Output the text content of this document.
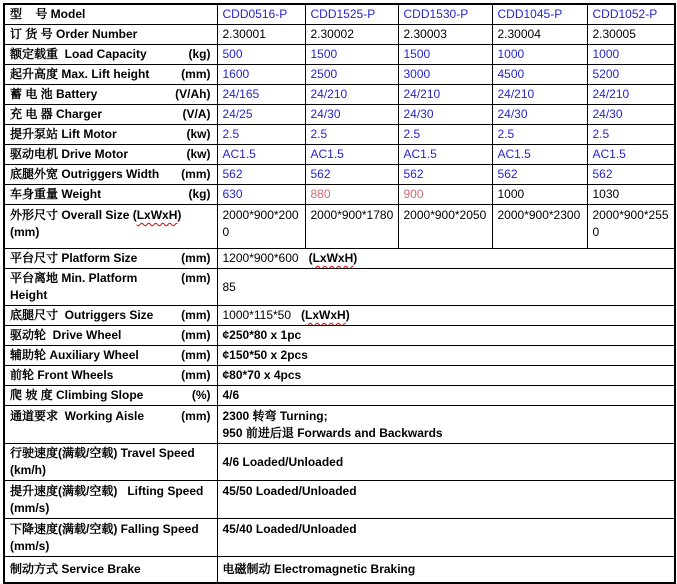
型    号 Model	CDD0516-P	CDD1525-P	CDD1530-P	CDD1045-P	CDD1052-P

订 货 号 Order Number	2.30001	2.30002	2.30003	2.30004	2.30005

额定载重  Load Capacity (kg)	500	1500	1500	1000	1000

起升高度 Max. Lift height (mm)	1600	2500	3000	4500	5200

蓄 电 池 Battery (V/Ah)	24/165	24/210	24/210	24/210	24/210

充 电 器 Charger (V/A)	24/25	24/30	24/30	24/30	24/30

提升泵站 Lift Motor (kw)	2.5	2.5	2.5	2.5	2.5

驱动电机 Drive Motor (kw)	AC1.5	AC1.5	AC1.5	AC1.5	AC1.5

底腿外宽 Outriggers Width (mm)	562	562	562	562	562

车身重量 Weight (kg)	630	880	900	1000	1030

外形尺寸 Overall Size (LxWxH) (mm)	2000*900*2000	2000*900*1780	2000*900*2050	2000*900*2300	2000*900*2550

平台尺寸 Platform Size (mm)	1200*900*600   (LxWxH)				

平台离地 Min. Platform Height
(mm)	85				

底腿尺寸  Outriggers Size (mm)	1000*115*50   (LxWxH)				

驱动轮  Drive Wheel (mm)	¢250*80 x 1pc				

辅助轮 Auxiliary Wheel (mm)	¢150*50 x 2pcs				

前轮 Front Wheels (mm)	¢80*70 x 4pcs				

爬 坡 度 Climbing Slope (%)	4/6				

通道要求  Working Aisle (mm)	2300 转弯 Turning;
950 前进后退 Forwards and Backwards				

行驶速度(满载/空载) Travel Speed (km/h)	4/6 Loaded/Unloaded				

提升速度(满载/空载)   Lifting Speed
(mm/s)	45/50 Loaded/Unloaded				

下降速度(满载/空载) Falling Speed
(mm/s)	45/40 Loaded/Unloaded				

制动方式 Service Brake	电磁制动 Electromagnetic Braking				
